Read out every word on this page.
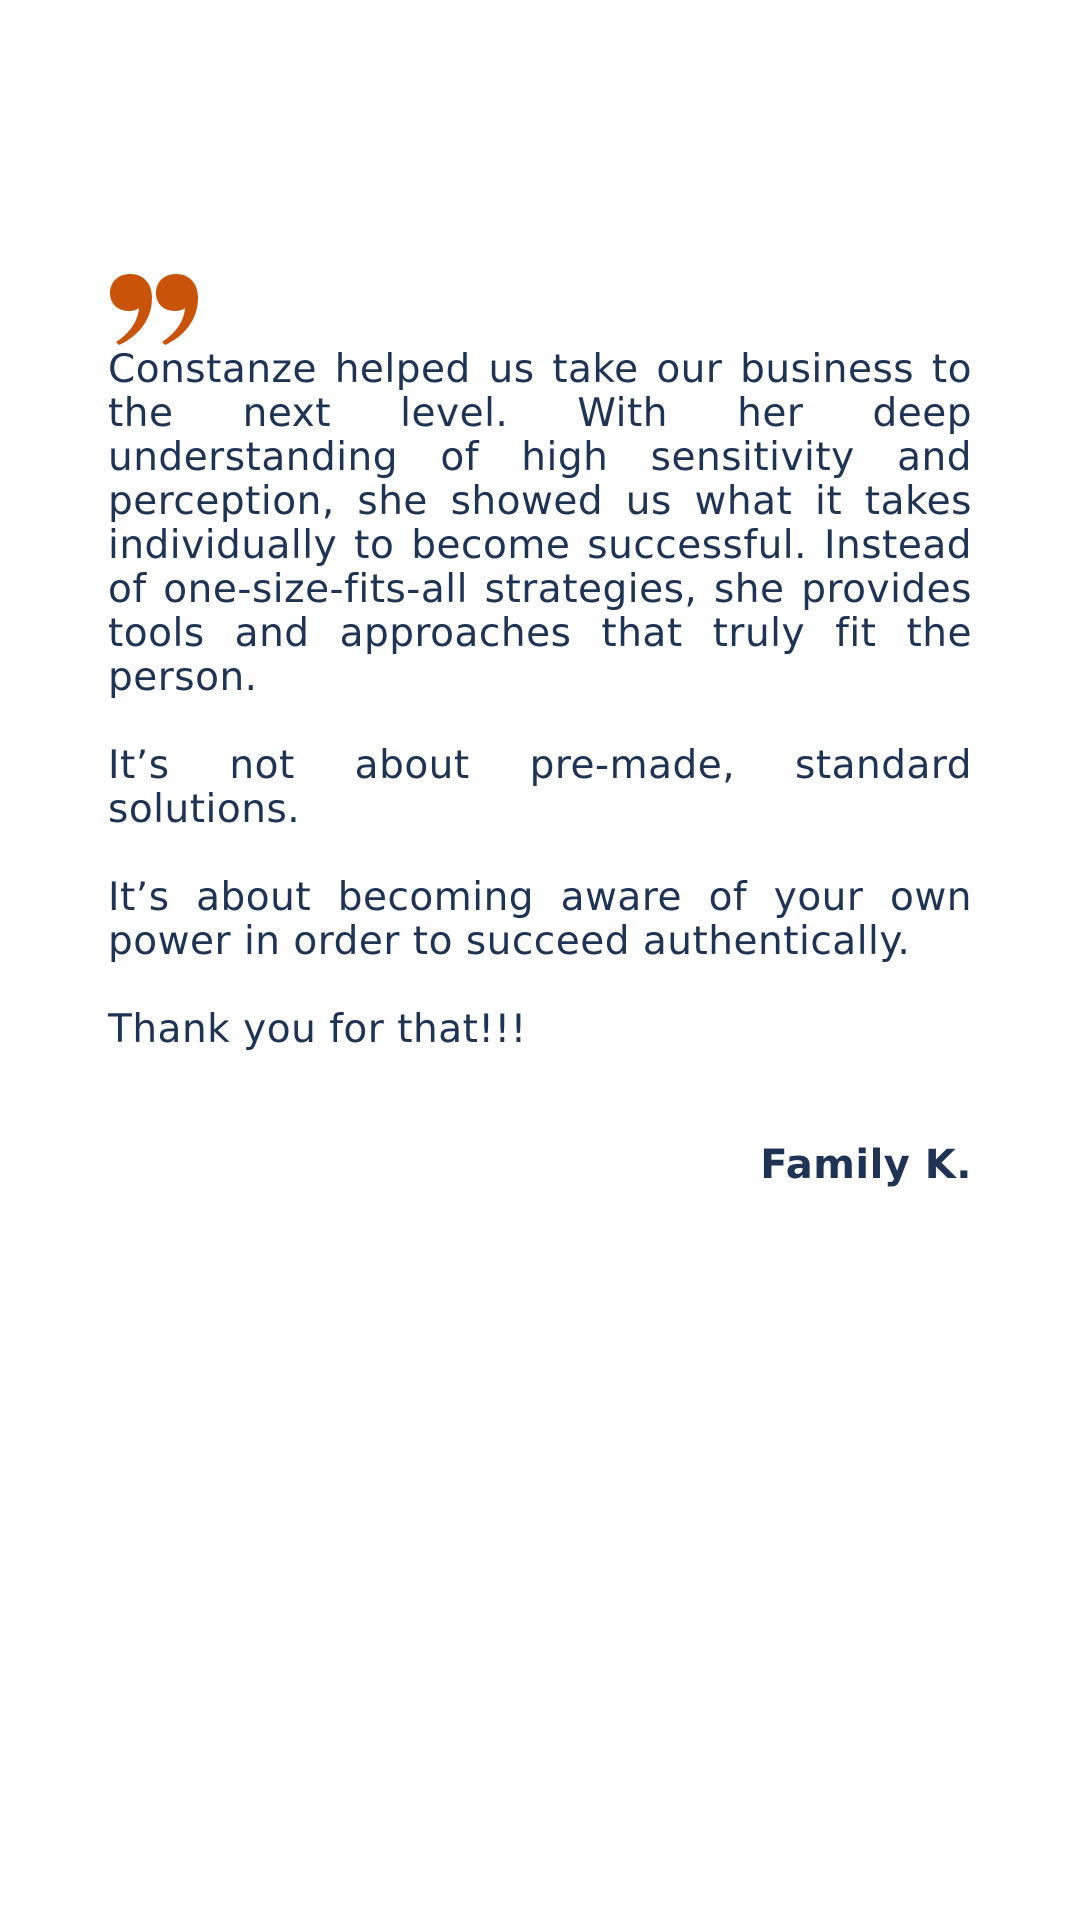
Constanze helped us take our business to the next level. With her deep understanding of high sensitivity and perception, she showed us what it takes individually to become successful. Instead of one-size-fits-all strategies, she provides tools and approaches that truly fit the person.

It’s not about pre-made, standard solutions.

It’s about becoming aware of your own power in order to succeed authentically.

Thank you for that!!!

Family K.
